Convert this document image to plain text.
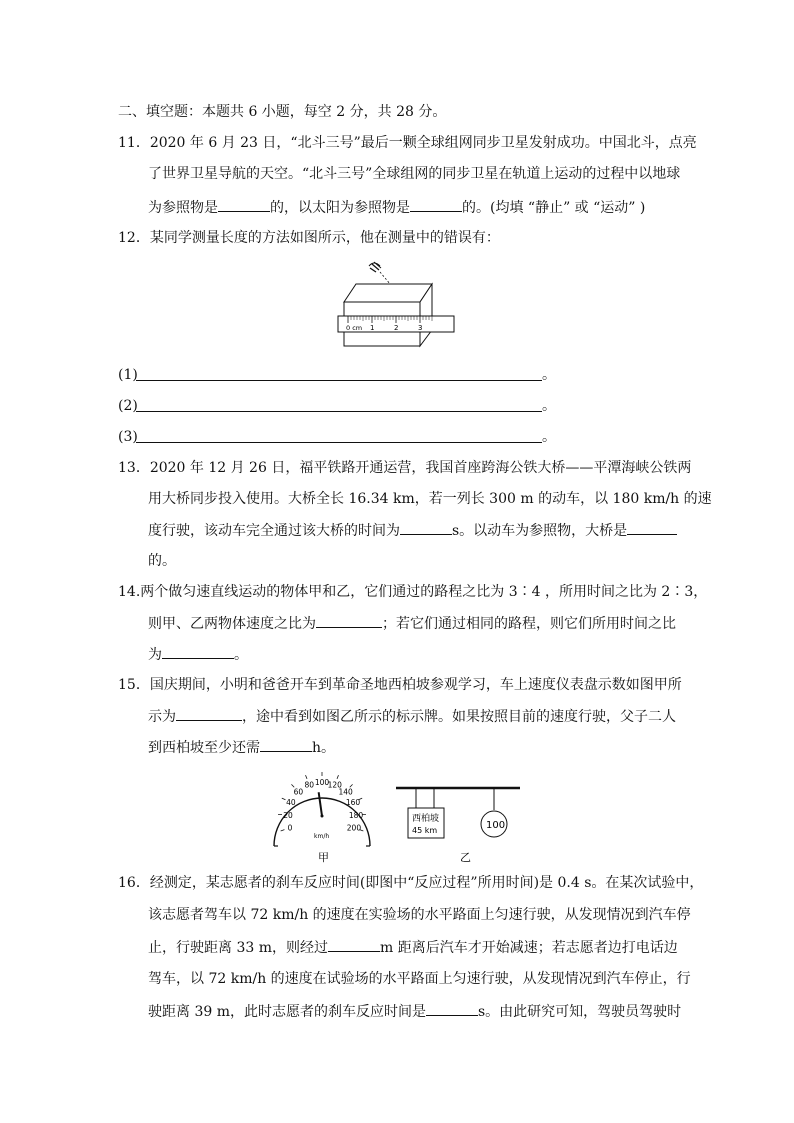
二、填空题：本题共 6 小题，每空 2 分，共 28 分。
11．2020 年 6 月 23 日，“北斗三号”最后一颗全球组网同步卫星发射成功。中国北斗，点亮
了世界卫星导航的天空。“北斗三号”全球组网的同步卫星在轨道上运动的过程中以地球
为参照物是	的，以太阳为参照物是	的。(均填 “静止” 或 “运动” )
12．某同学测量长度的方法如图所示，他在测量中的错误有：
0 cm 1	2	3
(1)	。
(2)	。
(3)	。
13．2020 年 12 月 26 日，福平铁路开通运营，我国首座跨海公铁大桥——平潭海峡公铁两
用大桥同步投入使用。大桥全长 16.34 km，若一列长 300 m 的动车，以 180 km/h 的速
度行驶，该动车完全通过该大桥的时间为	s。以动车为参照物，大桥是
的。
14.两个做匀速直线运动的物体甲和乙，它们通过的路程之比为 3∶4 ，所用时间之比为 2∶3，
则甲、乙两物体速度之比为	；若它们通过相同的路程，则它们所用时间之比
为	。
15．国庆期间，小明和爸爸开车到革命圣地西柏坡参观学习，车上速度仪表盘示数如图甲所
示为	，途中看到如图乙所示的标示牌。如果按照目前的速度行驶，父子二人
到西柏坡至少还需	h。
0
20
40
60
80 100
120
140
160
180
200
km/h
甲
西柏坡
45 km	100
乙
16．经测定，某志愿者的刹车反应时间(即图中“反应过程”所用时间)是 0.4 s。在某次试验中，
该志愿者驾车以 72 km/h 的速度在实验场的水平路面上匀速行驶，从发现情况到汽车停
止，行驶距离 33 m，则经过	m 距离后汽车才开始减速；若志愿者边打电话边
驾车，以 72 km/h 的速度在试验场的水平路面上匀速行驶，从发现情况到汽车停止，行
驶距离 39 m，此时志愿者的刹车反应时间是	s。由此研究可知，驾驶员驾驶时
